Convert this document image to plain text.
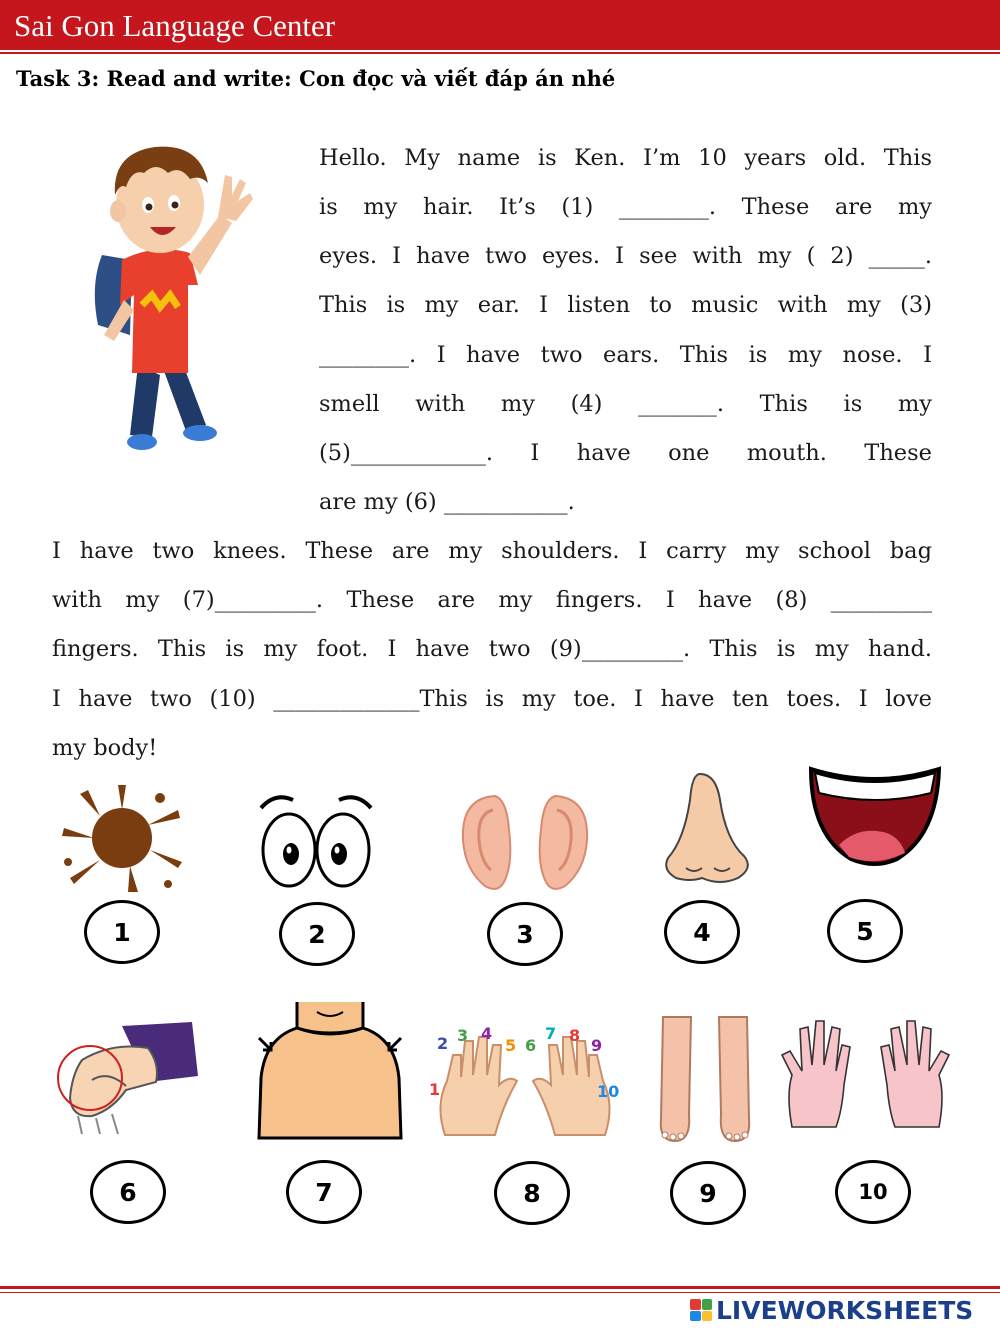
Sai Gon Language Center
Task 3: Read and write: Con đọc và viết đáp án nhé
Hello. My name is Ken. I’m 10 years old. This
is my hair. It’s (1) ________. These are my
eyes. I have two eyes. I see with my ( 2) _____.
This is my ear. I listen to music with my (3)
________. I have two ears. This is my nose. I
smell with my (4) _______. This is my
(5)____________. I have one mouth. These
are my (6) ___________.
I have two knees. These are my shoulders. I carry my school bag
with my (7)_________. These are my fingers. I have (8) _________
fingers. This is my foot. I have two (9)_________. This is my hand.
I have two (10) _____________This is my toe. I have ten toes. I love
my body!
1	2	3	4	5
1
2 3 4
5 6
7 8
9
10
6	7	8	9	10
LIVEWORKSHEETS
